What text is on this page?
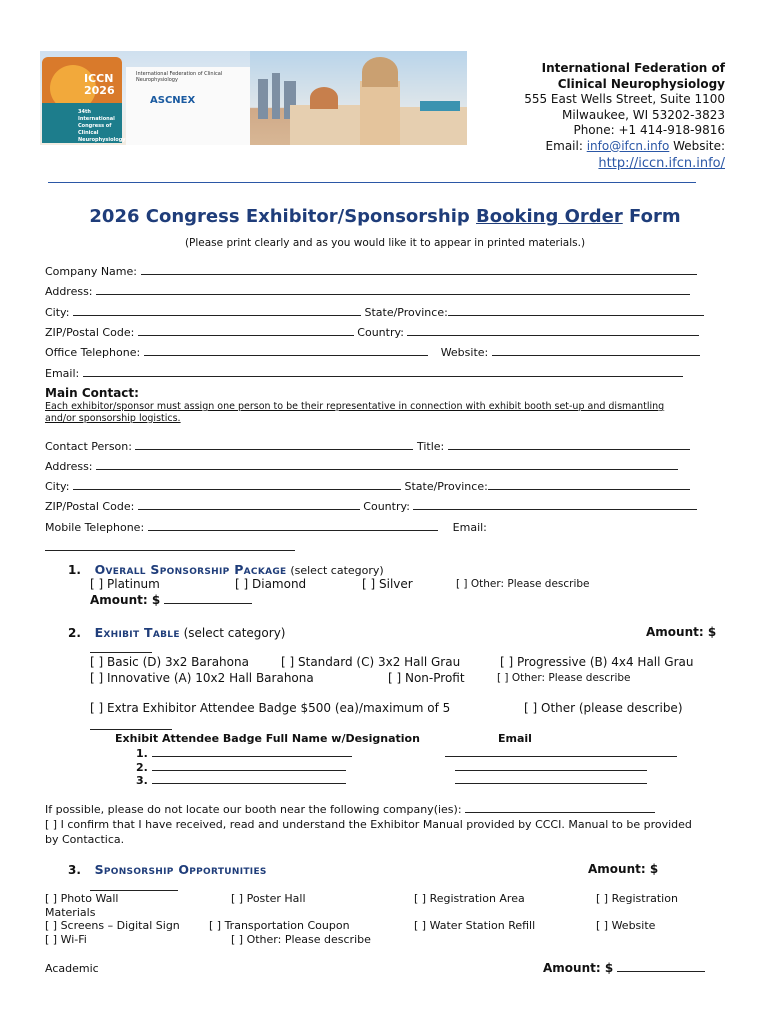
ICCN
2026
34th International Congress of Clinical Neurophysiology
International Federation of Clinical Neurophysiology
ASCNEX
International Federation of
Clinical Neurophysiology
555 East Wells Street, Suite 1100
Milwaukee, WI 53202-3823
Phone: +1 414-918-9816
Email: info@ifcn.info Website:
http://iccn.ifcn.info/
2026 Congress Exhibitor/Sponsorship Booking Order Form
(Please print clearly and as you would like it to appear in printed materials.)
Company Name:
Address:
City:	State/Province:
ZIP/Postal Code:	Country:
Office Telephone:	Website:
Email:
Main Contact:
Each exhibitor/sponsor must assign one person to be their representative in connection with exhibit booth set-up and dismantling
and/or sponsorship logistics.
Contact Person:	Title:
Address:
City:	State/Province:
ZIP/Postal Code:	Country:
Mobile Telephone:	Email:
1. Overall Sponsorship Package (select category)
[ ] Platinum	[ ] Diamond	[ ] Silver	[ ] Other: Please describe
Amount: $
2. Exhibit Table (select category)	Amount: $
[ ] Basic (D) 3x2 Barahona	[ ] Standard (C) 3x2 Hall Grau	[ ] Progressive (B) 4x4 Hall Grau
[ ] Innovative (A) 10x2 Hall Barahona	[ ] Non-Profit	[ ] Other: Please describe
[ ] Extra Exhibitor Attendee Badge $500 (ea)/maximum of 5	[ ] Other (please describe)
Exhibit Attendee Badge Full Name w/Designation	Email
1.
2.
3.
If possible, please do not locate our booth near the following company(ies):
[ ] I confirm that I have received, read and understand the Exhibitor Manual provided by CCCI. Manual to be provided
by Contactica.
3. Sponsorship Opportunities	Amount: $
[ ] Photo Wall	[ ] Poster Hall	[ ] Registration Area	[ ] Registration
Materials
[ ] Screens – Digital Sign	[ ] Transportation Coupon	[ ] Water Station Refill	[ ] Website
[ ] Wi-Fi	[ ] Other: Please describe
Academic	Amount: $
